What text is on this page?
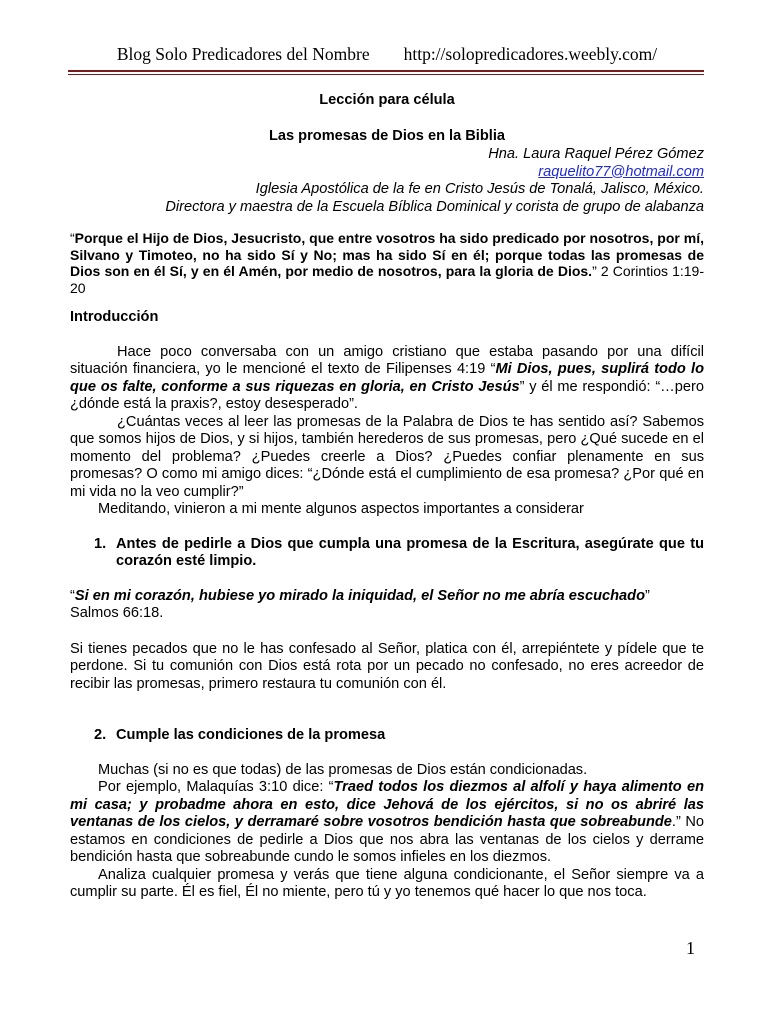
Blog Solo Predicadores del Nombre http://solopredicadores.weebly.com/

Lección para célula

Las promesas de Dios en la Biblia

Hna. Laura Raquel Pérez Gómez

raquelito77@hotmail.com

Iglesia Apostólica de la fe en Cristo Jesús de Tonalá, Jalisco, México.

Directora y maestra de la Escuela Bíblica Dominical y corista de grupo de alabanza

“Porque el Hijo de Dios, Jesucristo, que entre vosotros ha sido predicado por nosotros, por mí, Silvano y Timoteo, no ha sido Sí y No; mas ha sido Sí en él; porque todas las promesas de Dios son en él Sí, y en él Amén, por medio de nosotros, para la gloria de Dios.” 2 Corintios 1:19-20

Introducción

Hace poco conversaba con un amigo cristiano que estaba pasando por una difícil situación financiera, yo le mencioné el texto de Filipenses 4:19 “Mi Dios, pues, suplirá todo lo que os falte, conforme a sus riquezas en gloria, en Cristo Jesús” y él me respondió: “…pero ¿dónde está la praxis?, estoy desesperado”.

¿Cuántas veces al leer las promesas de la Palabra de Dios te has sentido así? Sabemos que somos hijos de Dios, y si hijos, también herederos de sus promesas, pero ¿Qué sucede en el momento del problema? ¿Puedes creerle a Dios? ¿Puedes confiar plenamente en sus promesas? O como mi amigo dices: “¿Dónde está el cumplimiento de esa promesa? ¿Por qué en mi vida no la veo cumplir?”

Meditando, vinieron a mi mente algunos aspectos importantes a considerar

1. Antes de pedirle a Dios que cumpla una promesa de la Escritura, asegúrate que tu corazón esté limpio.

“Si en mi corazón, hubiese yo mirado la iniquidad, el Señor no me abría escuchado”

Salmos 66:18.

Si tienes pecados que no le has confesado al Señor, platica con él, arrepiéntete y pídele que te perdone. Si tu comunión con Dios está rota por un pecado no confesado, no eres acreedor de recibir las promesas, primero restaura tu comunión con él.

2. Cumple las condiciones de la promesa

Muchas (si no es que todas) de las promesas de Dios están condicionadas.

Por ejemplo, Malaquías 3:10 dice: “Traed todos los diezmos al alfolí y haya alimento en mi casa; y probadme ahora en esto, dice Jehová de los ejércitos, si no os abriré las ventanas de los cielos, y derramaré sobre vosotros bendición hasta que sobreabunde.” No estamos en condiciones de pedirle a Dios que nos abra las ventanas de los cielos y derrame bendición hasta que sobreabunde cundo le somos infieles en los diezmos.

Analiza cualquier promesa y verás que tiene alguna condicionante, el Señor siempre va a cumplir su parte. Él es fiel, Él no miente, pero tú y yo tenemos qué hacer lo que nos toca.

1
